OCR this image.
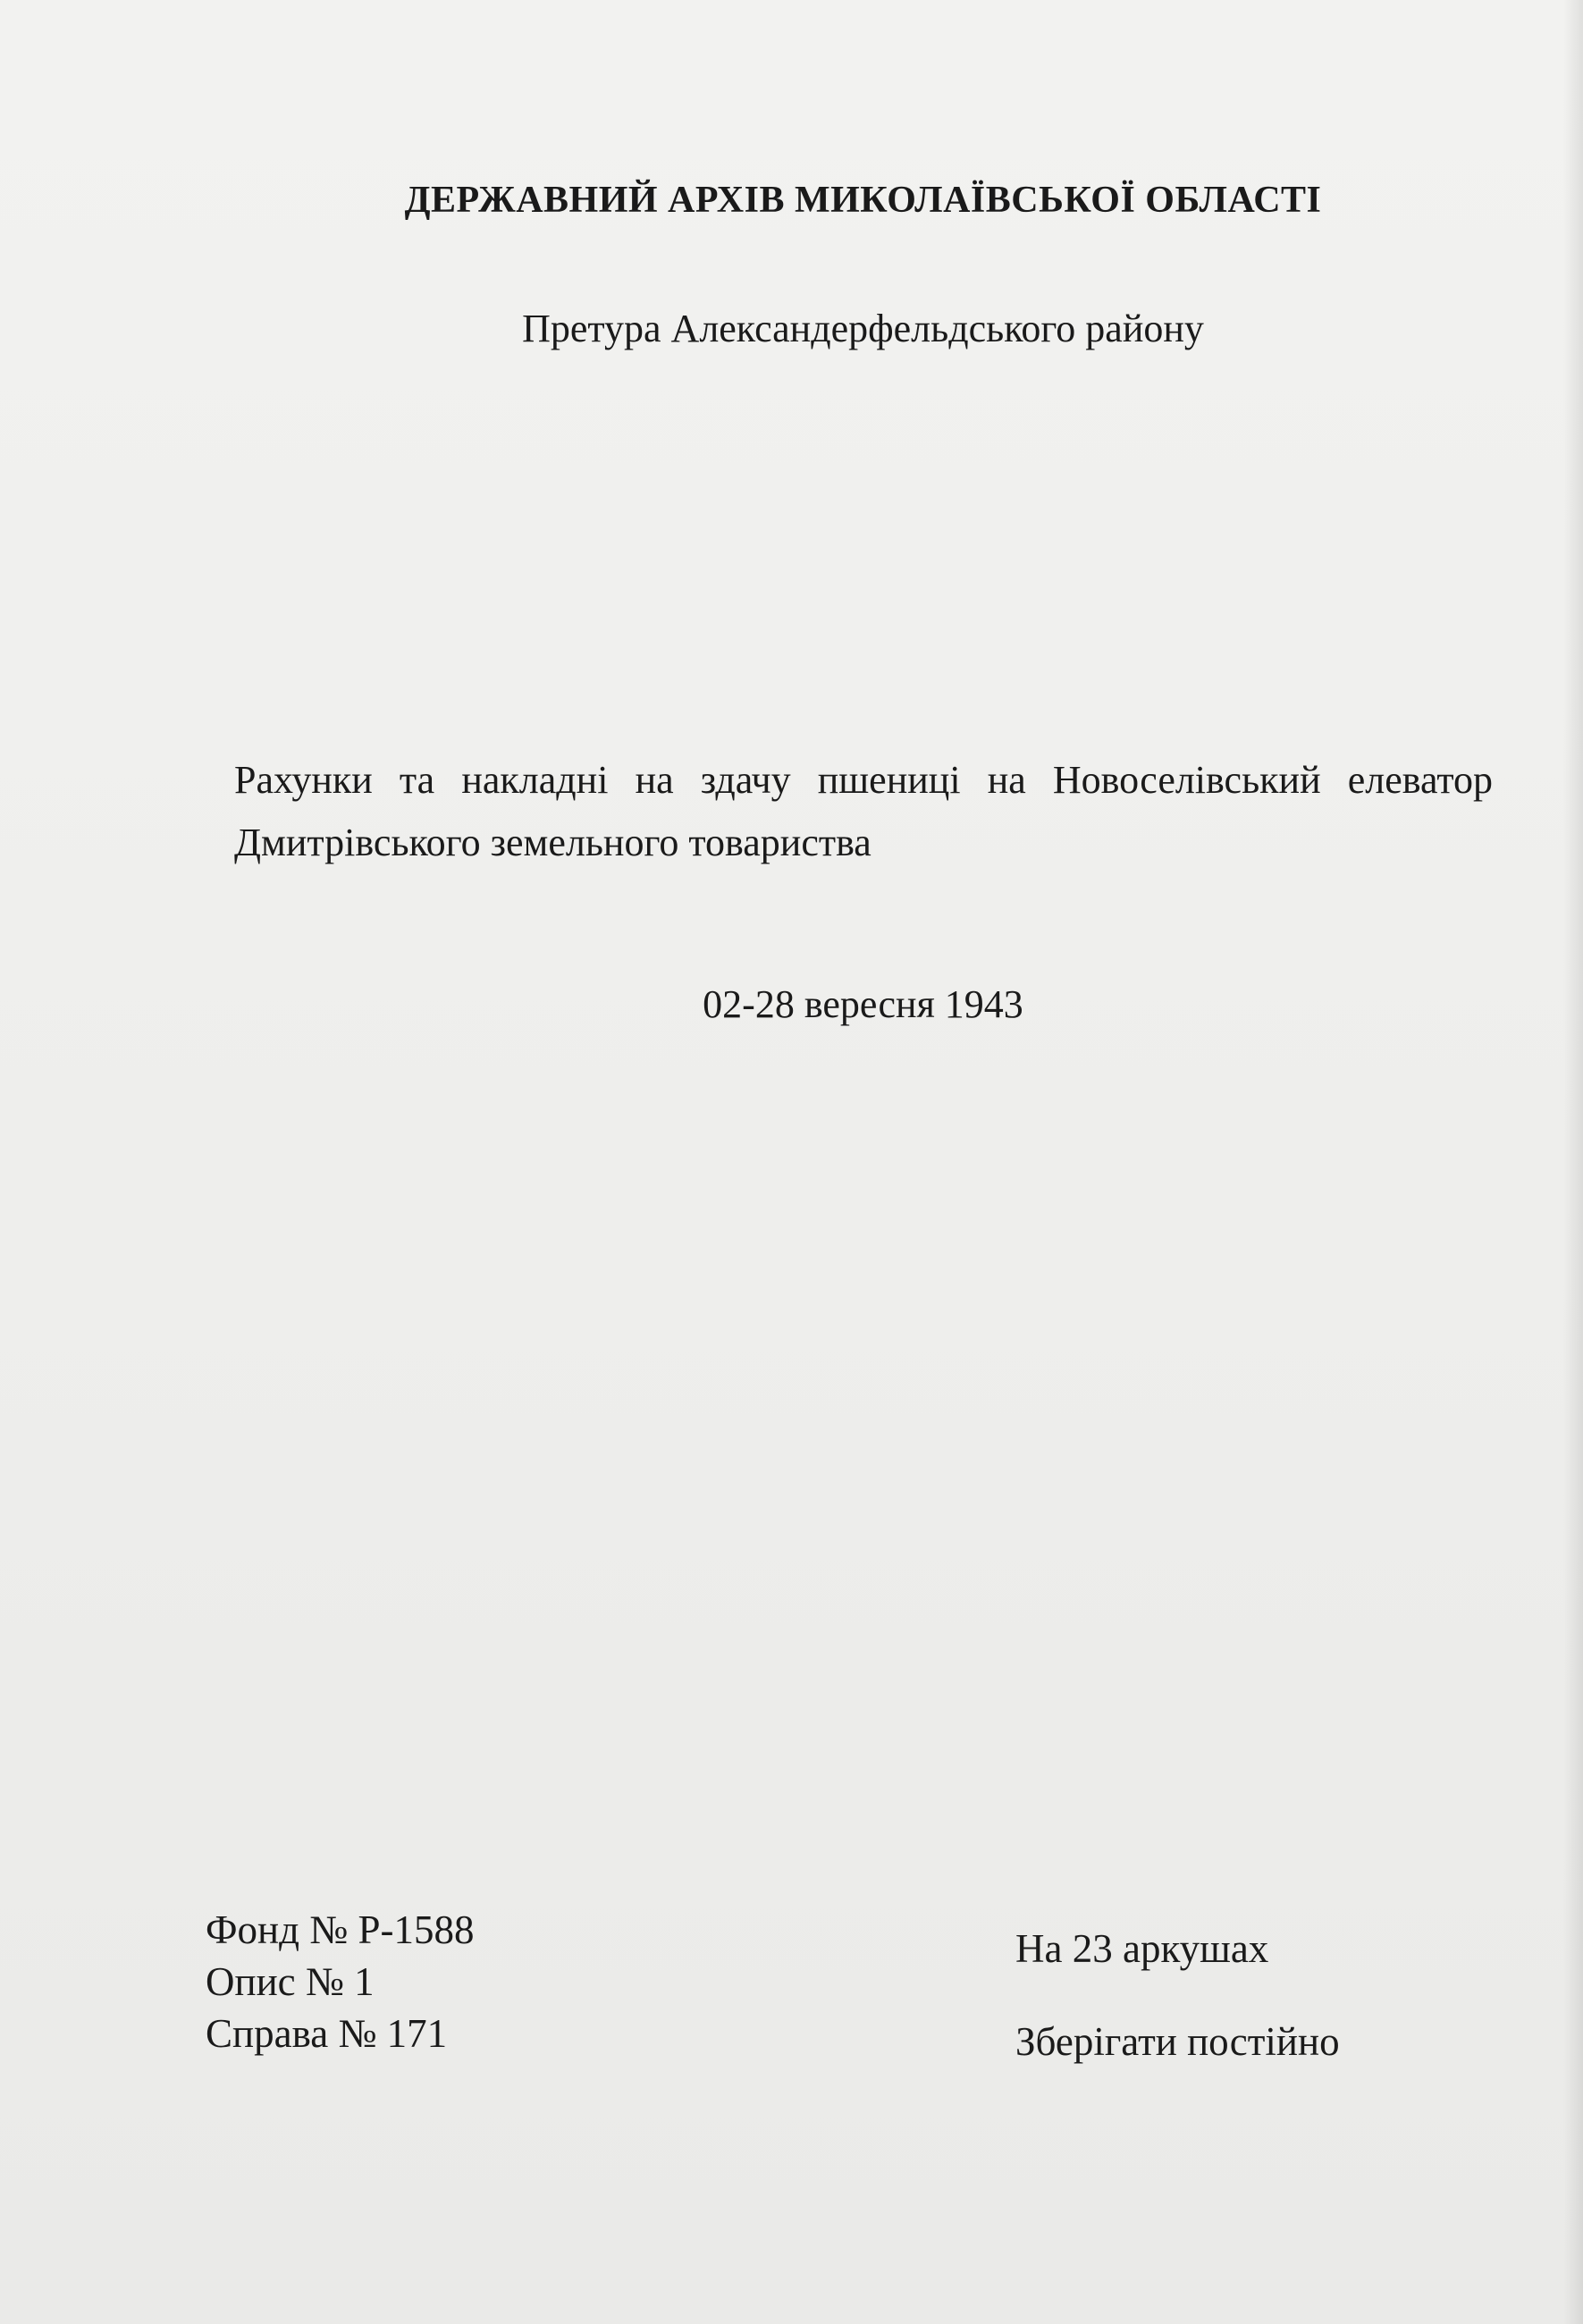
ДЕРЖАВНИЙ АРХІВ МИКОЛАЇВСЬКОЇ ОБЛАСТІ
Претура Александерфельдського району
Рахунки та накладні на здачу пшениці на Новоселівський елеватор Дмитрівського земельного товариства
02-28 вересня 1943
Фонд № Р-1588
Опис № 1
Справа № 171
На 23 аркушах
Зберігати постійно
